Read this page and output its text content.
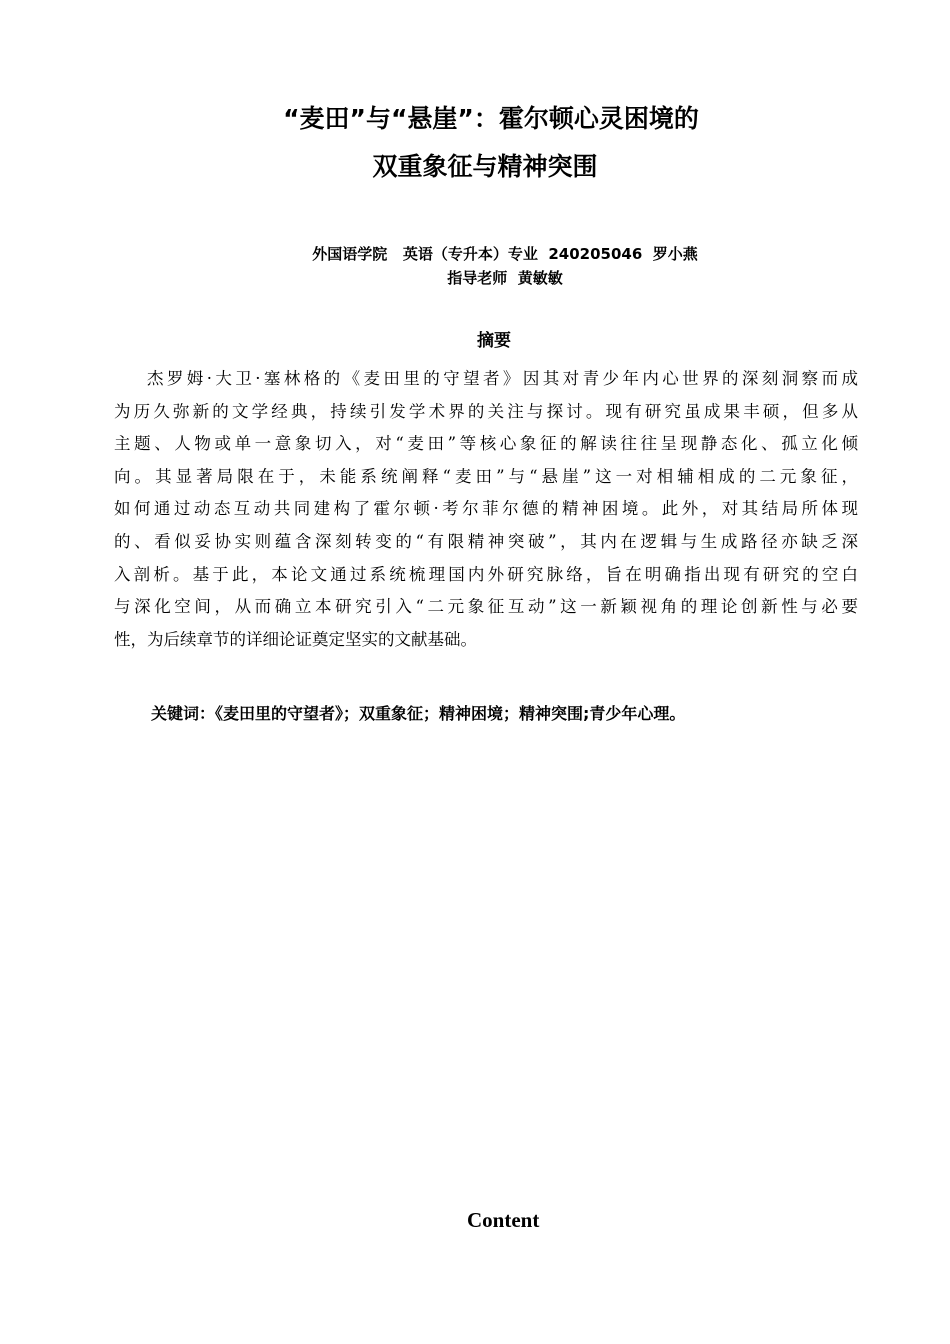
“麦田”与“悬崖”：霍尔顿心灵困境的
双重象征与精神突围
外国语学院 英语（专升本）专业 240205046 罗小燕
指导老师 黄敏敏
摘要
杰罗姆·大卫·塞林格的《麦田里的守望者》因其对青少年内心世界的深刻洞察而成
为历久弥新的文学经典，持续引发学术界的关注与探讨。现有研究虽成果丰硕，但多从
主题、人物或单一意象切入，对“麦田”等核心象征的解读往往呈现静态化、孤立化倾
向。其显著局限在于，未能系统阐释“麦田”与“悬崖”这一对相辅相成的二元象征，
如何通过动态互动共同建构了霍尔顿·考尔菲尔德的精神困境。此外，对其结局所体现
的、看似妥协实则蕴含深刻转变的“有限精神突破”，其内在逻辑与生成路径亦缺乏深
入剖析。基于此，本论文通过系统梳理国内外研究脉络，旨在明确指出现有研究的空白
与深化空间，从而确立本研究引入“二元象征互动”这一新颖视角的理论创新性与必要
性，为后续章节的详细论证奠定坚实的文献基础。
关键词：《麦田里的守望者》；双重象征；精神困境；精神突围;青少年心理。
Content
